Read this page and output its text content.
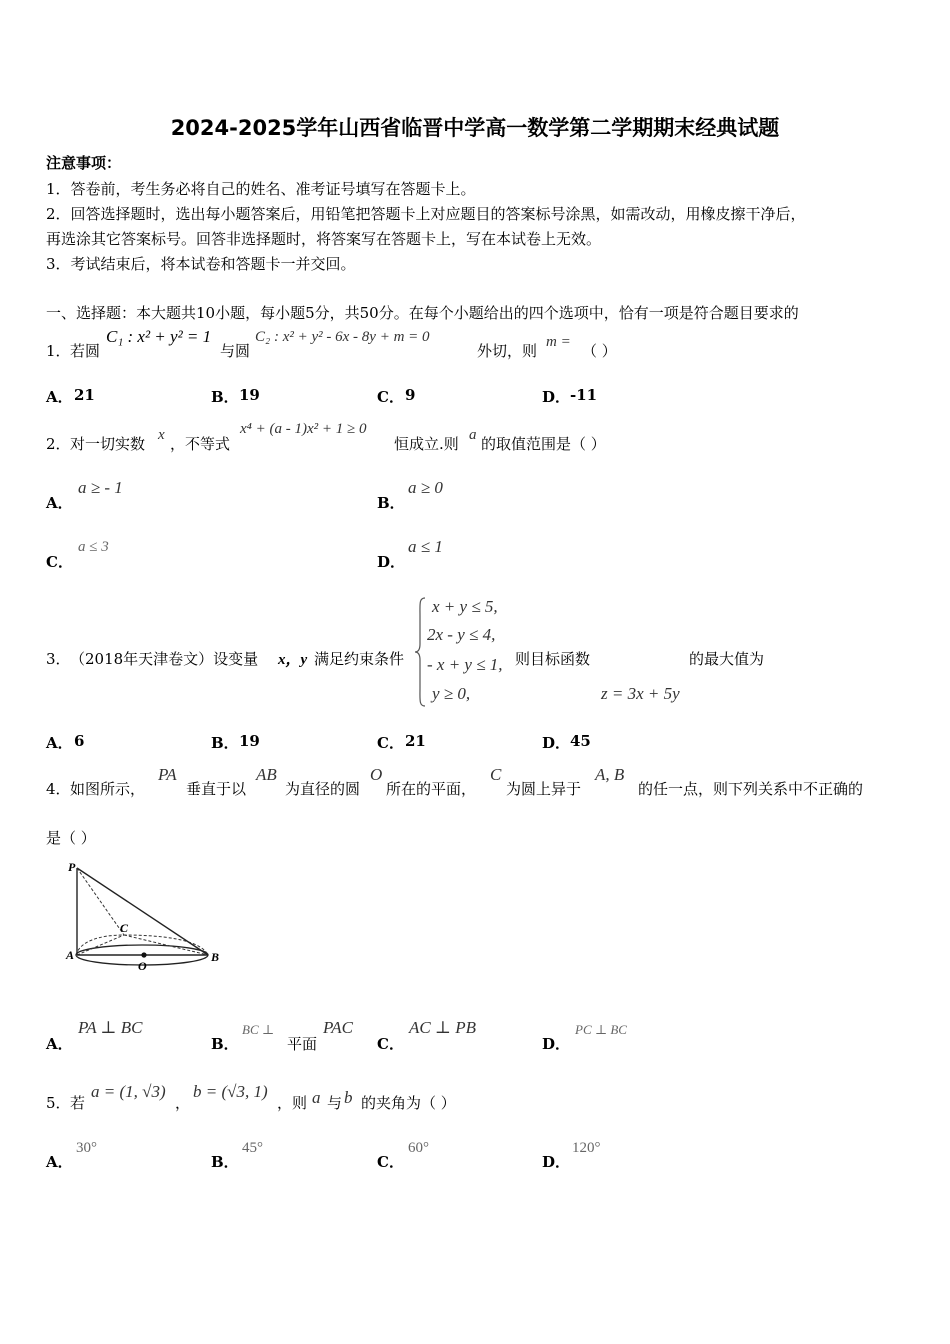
2024-2025学年山西省临晋中学高一数学第二学期期末经典试题
注意事项：
1．答卷前，考生务必将自己的姓名、准考证号填写在答题卡上。
2．回答选择题时，选出每小题答案后，用铅笔把答题卡上对应题目的答案标号涂黑，如需改动，用橡皮擦干净后，
再选涂其它答案标号。回答非选择题时，将答案写在答题卡上，写在本试卷上无效。
3．考试结束后，将本试卷和答题卡一并交回。
一、选择题：本大题共10小题，每小题5分，共50分。在每个小题给出的四个选项中，恰有一项是符合题目要求的
1． 若圆
C₁ : x² + y² = 1
与圆
C₂ : x² + y² - 6x - 8y + m = 0
外切，则 m = （ ）
A． 21	B． 19	C． 9	D． -11
2． 对一切实数 x ，不等式
x⁴ + (a - 1)x² + 1 ≥ 0
恒成立.则 a 的取值范围是（ ）
A．
a ≥ - 1
B．
a ≥ 0
C．
a ≤ 3
D．
a ≤ 1
3． （2018年天津卷文）设变量 x，y 满足约束条件
x + y ≤ 5,
2x - y ≤ 4,
- x + y ≤ 1,
y ≥ 0,
则目标函数	的最大值为
z = 3x + 5y
A． 6	B． 19	C． 21	D． 45
4． 如图所示，
PA
垂直于以
AB
为直径的圆
O
所在的平面，
C
为圆上异于
A, B
的任一点，则下列关系中不正确的
是（ ）
P
C
A
O
B
A．
PA ⊥ BC
B．
BC ⊥
平面
PAC
C．
AC ⊥ PB
D．
PC ⊥ BC
5． 若
a = (1, √3)
，
b = (√3, 1)
，则 a 与 b 的夹角为（ ）
A．
30°
B．
45°
C．
60°
D．
120°
